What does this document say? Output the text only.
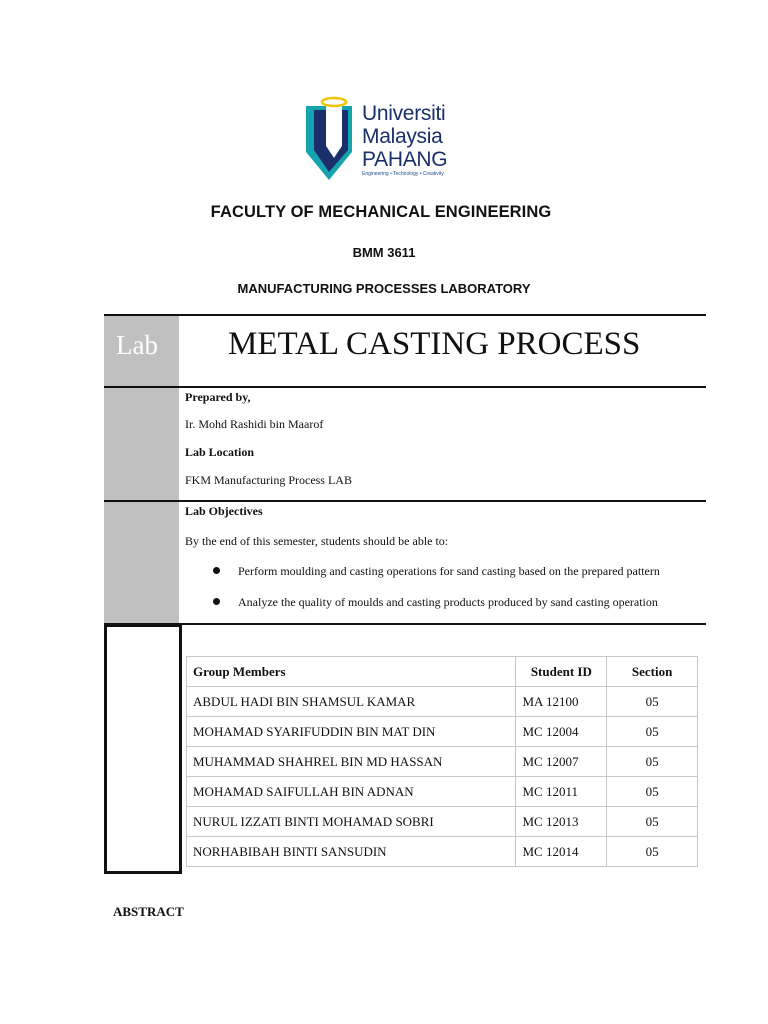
Universiti
Malaysia
PAHANG
Engineering • Technology • Creativity
FACULTY OF MECHANICAL ENGINEERING
BMM 3611
MANUFACTURING PROCESSES LABORATORY
Lab METAL CASTING PROCESS
Prepared by,
Ir. Mohd Rashidi bin Maarof
Lab Location
FKM Manufacturing Process LAB
Lab Objectives
By the end of this semester, students should be able to:
Perform moulding and casting operations for sand casting based on the prepared pattern
Analyze the quality of moulds and casting products produced by sand casting operation
Group Members	Student ID	Section
ABDUL HADI BIN SHAMSUL KAMAR	MA 12100	05
MOHAMAD SYARIFUDDIN BIN MAT DIN	MC 12004	05
MUHAMMAD SHAHREL BIN MD HASSAN	MC 12007	05
MOHAMAD SAIFULLAH BIN ADNAN	MC 12011	05
NURUL IZZATI BINTI MOHAMAD SOBRI	MC 12013	05
NORHABIBAH BINTI SANSUDIN	MC 12014	05
ABSTRACT
